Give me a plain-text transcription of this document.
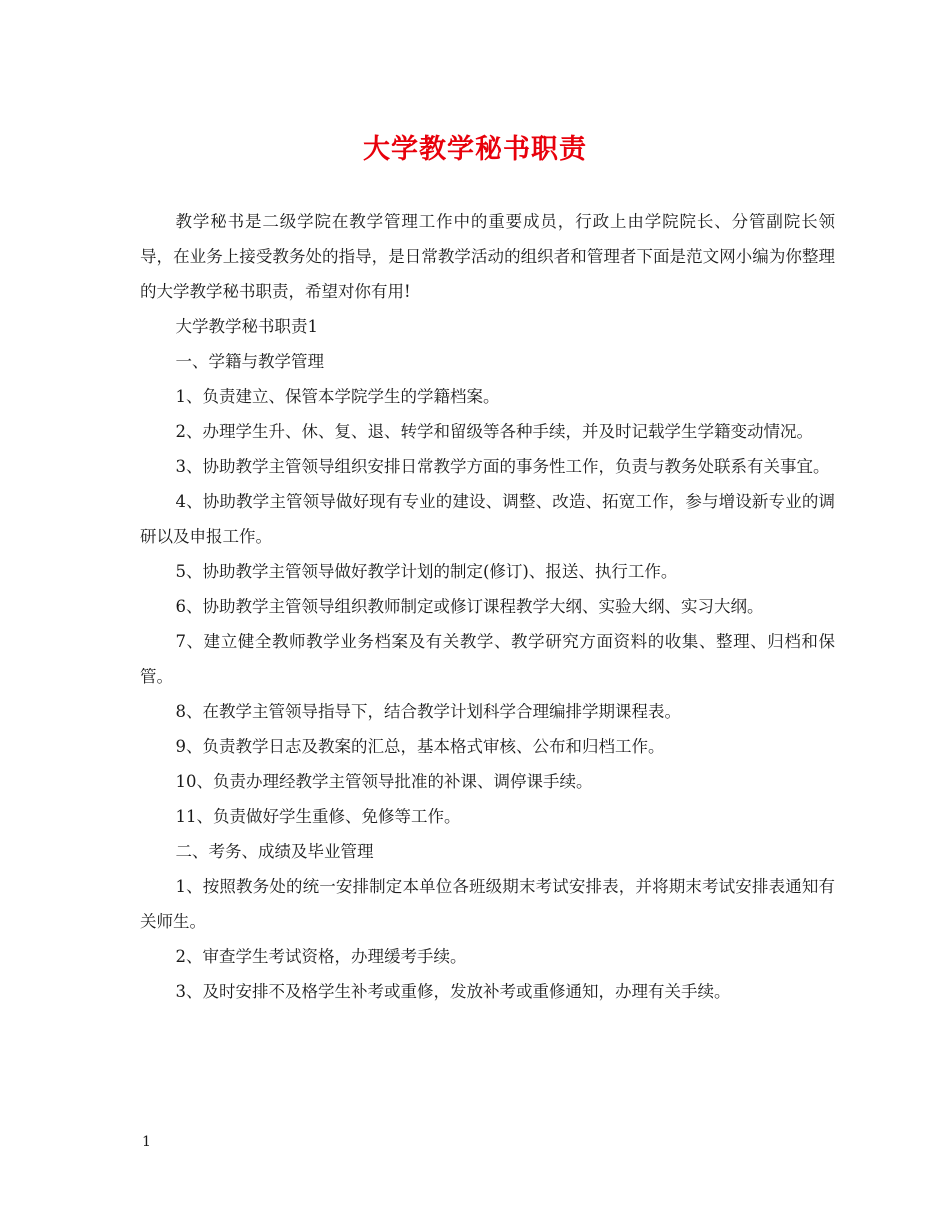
大学教学秘书职责

教学秘书是二级学院在教学管理工作中的重要成员，行政上由学院院长、分管副院长领导，在业务上接受教务处的指导，是日常教学活动的组织者和管理者下面是范文网小编为你整理的大学教学秘书职责，希望对你有用!

大学教学秘书职责1

一、学籍与教学管理

1、负责建立、保管本学院学生的学籍档案。

2、办理学生升、休、复、退、转学和留级等各种手续，并及时记载学生学籍变动情况。

3、协助教学主管领导组织安排日常教学方面的事务性工作，负责与教务处联系有关事宜。

4、协助教学主管领导做好现有专业的建设、调整、改造、拓宽工作，参与增设新专业的调研以及申报工作。

5、协助教学主管领导做好教学计划的制定(修订)、报送、执行工作。

6、协助教学主管领导组织教师制定或修订课程教学大纲、实验大纲、实习大纲。

7、建立健全教师教学业务档案及有关教学、教学研究方面资料的收集、整理、归档和保管。

8、在教学主管领导指导下，结合教学计划科学合理编排学期课程表。

9、负责教学日志及教案的汇总，基本格式审核、公布和归档工作。

10、负责办理经教学主管领导批准的补课、调停课手续。

11、负责做好学生重修、免修等工作。

二、考务、成绩及毕业管理

1、按照教务处的统一安排制定本单位各班级期末考试安排表，并将期末考试安排表通知有关师生。

2、审查学生考试资格，办理缓考手续。

3、及时安排不及格学生补考或重修，发放补考或重修通知，办理有关手续。

1
